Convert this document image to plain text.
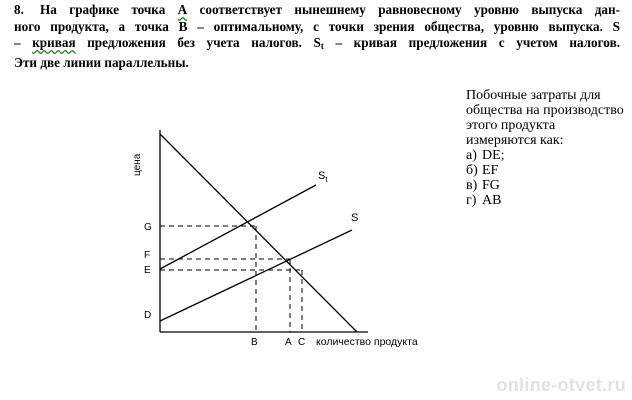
8. На графике точка А соответствует нынешнему равновесному уровню выпуска дан-
ного продукта, а точка В – оптимальному, с точки зрения общества, уровню выпуска. S
– кривая предложения без учета налогов. $S_t$ – кривая предложения с учетом налогов.
Эти две линии параллельны.
Побочные затраты для общества на производство этого продукта измеряются как:
а) DE;
б) EF
в) FG
г) AB
цена
количество продукта
$S_t$
S
G
F
E
D
B	A C
online-otvet.ru
